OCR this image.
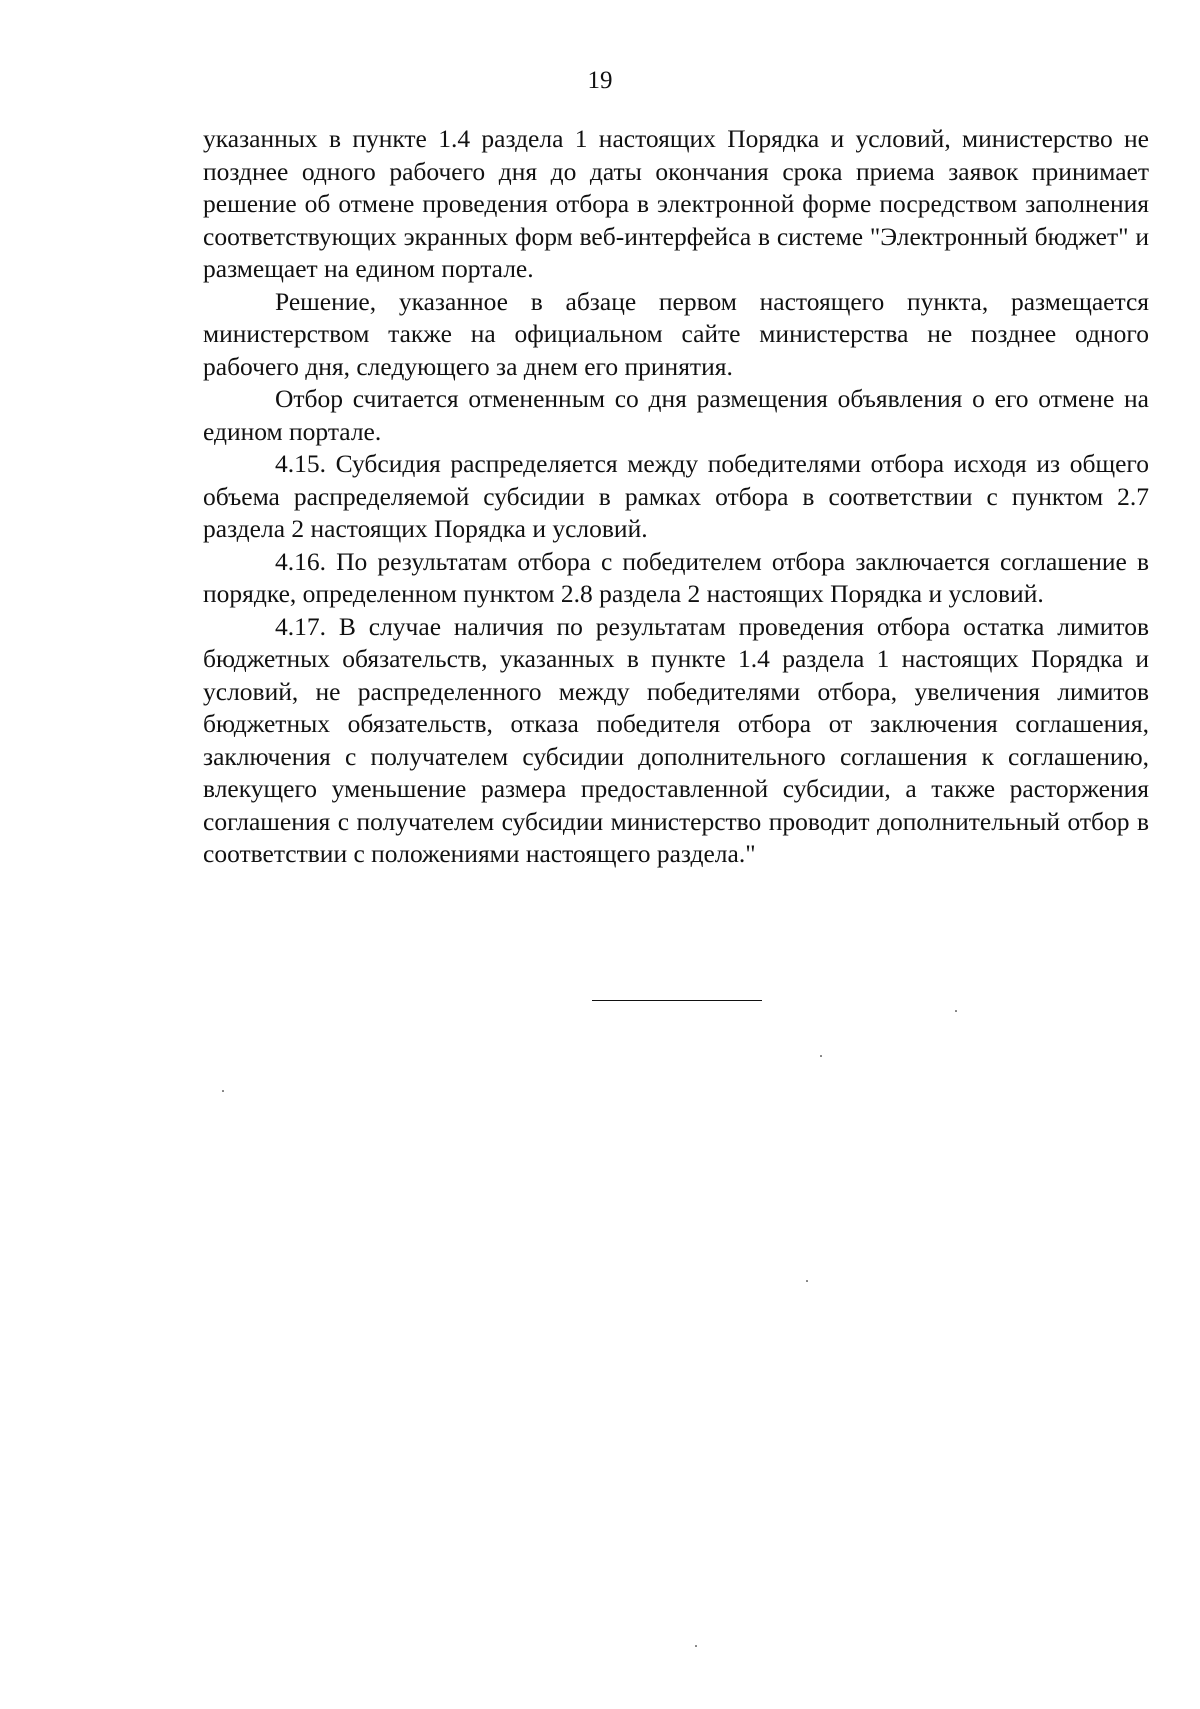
19

указанных в пункте 1.4 раздела 1 настоящих Порядка и условий, министерство не позднее одного рабочего дня до даты окончания срока приема заявок принимает решение об отмене проведения отбора в электронной форме посредством заполнения соответствующих экранных форм веб-интерфейса в системе "Электронный бюджет" и размещает на едином портале.

Решение, указанное в абзаце первом настоящего пункта, размещается министерством также на официальном сайте министерства не позднее одного рабочего дня, следующего за днем его принятия.

Отбор считается отмененным со дня размещения объявления о его отмене на едином портале.

4.15. Субсидия распределяется между победителями отбора исходя из общего объема распределяемой субсидии в рамках отбора в соответствии с пунктом 2.7 раздела 2 настоящих Порядка и условий.

4.16. По результатам отбора с победителем отбора заключается соглашение в порядке, определенном пунктом 2.8 раздела 2 настоящих Порядка и условий.

4.17. В случае наличия по результатам проведения отбора остатка лимитов бюджетных обязательств, указанных в пункте 1.4 раздела 1 настоящих Порядка и условий, не распределенного между победителями отбора, увеличения лимитов бюджетных обязательств, отказа победителя отбора от заключения соглашения, заключения с получателем субсидии дополнительного соглашения к соглашению, влекущего уменьшение размера предоставленной субсидии, а также расторжения соглашения с получателем субсидии министерство проводит дополнительный отбор в соответствии с положениями настоящего раздела."
